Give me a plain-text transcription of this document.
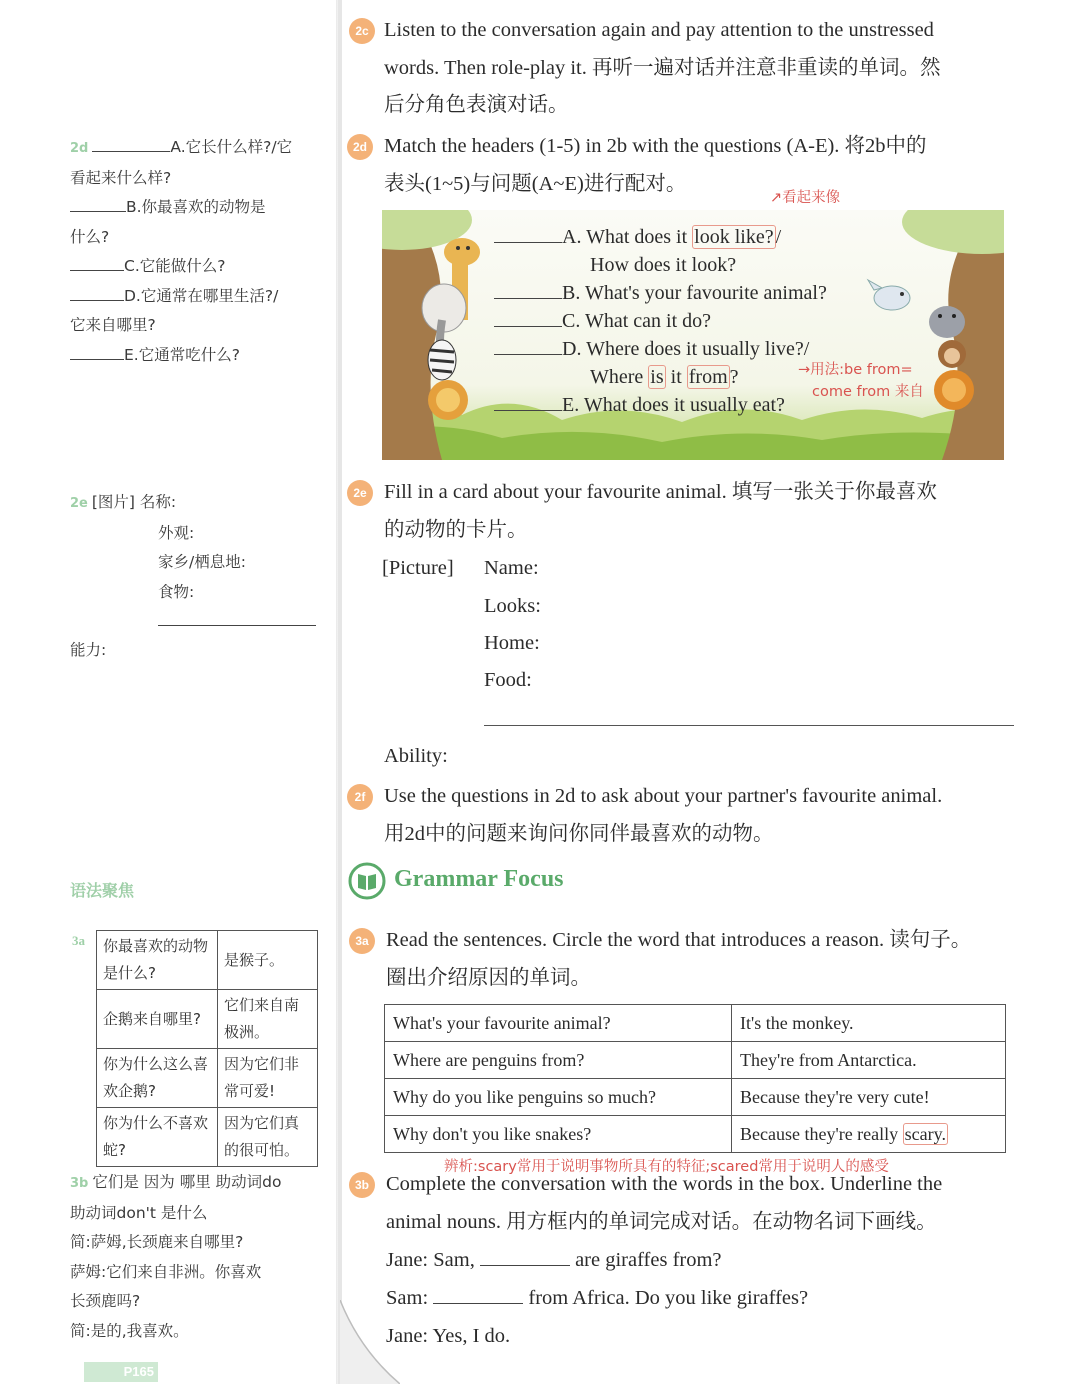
2d	A.它长什么样?/它
看起来什么样?
B.你最喜欢的动物是
什么?
C.它能做什么?
D.它通常在哪里生活?/
它来自哪里?
E.它通常吃什么?
2e [图片] 名称:
外观:
家乡/栖息地:
食物:
能力:
语法聚焦
3a 你最喜欢的动物是什么?	是猴子。
企鹅来自哪里?	它们来自南极洲。
你为什么这么喜欢企鹅?	因为它们非常可爱!
你为什么不喜欢蛇?	因为它们真的很可怕。
3b 它们是 因为 哪里 助动词do
助动词don't 是什么
简:萨姆,长颈鹿来自哪里?
萨姆:它们来自非洲。你喜欢
长颈鹿吗?
简:是的,我喜欢。
P165
2c Listen to the conversation again and pay attention to the unstressed
words. Then role-play it. 再听一遍对话并注意非重读的单词。然
后分角色表演对话。
2d Match the headers (1-5) in 2b with the questions (A-E). 将2b中的
表头(1~5)与问题(A~E)进行配对。
↗看起来像
A. What does it look like? /
How does it look?
B. What's your favourite animal?
C. What can it do?
D. Where does it usually live?/
Where is it from ?	→用法:be from=
come from 来自
E. What does it usually eat?
2e Fill in a card about your favourite animal. 填写一张关于你最喜欢
的动物的卡片。
[Picture] Name:
Looks:
Home:
Food:
Ability:
2f Use the questions in 2d to ask about your partner's favourite animal.
用2d中的问题来询问你同伴最喜欢的动物。
Grammar Focus
3a Read the sentences. Circle the word that introduces a reason. 读句子。
圈出介绍原因的单词。
What's your favourite animal?	It's the monkey.
Where are penguins from?	They're from Antarctica.
Why do you like penguins so much?	Because they're very cute!
Why don't you like snakes?	Because they're really scary.
辨析:scary常用于说明事物所具有的特征;scared常用于说明人的感受
3b Complete the conversation with the words in the box. Underline the
animal nouns. 用方框内的单词完成对话。在动物名词下画线。
Jane: Sam,	are giraffes from?
Sam:	from Africa. Do you like giraffes?
Jane: Yes, I do.
